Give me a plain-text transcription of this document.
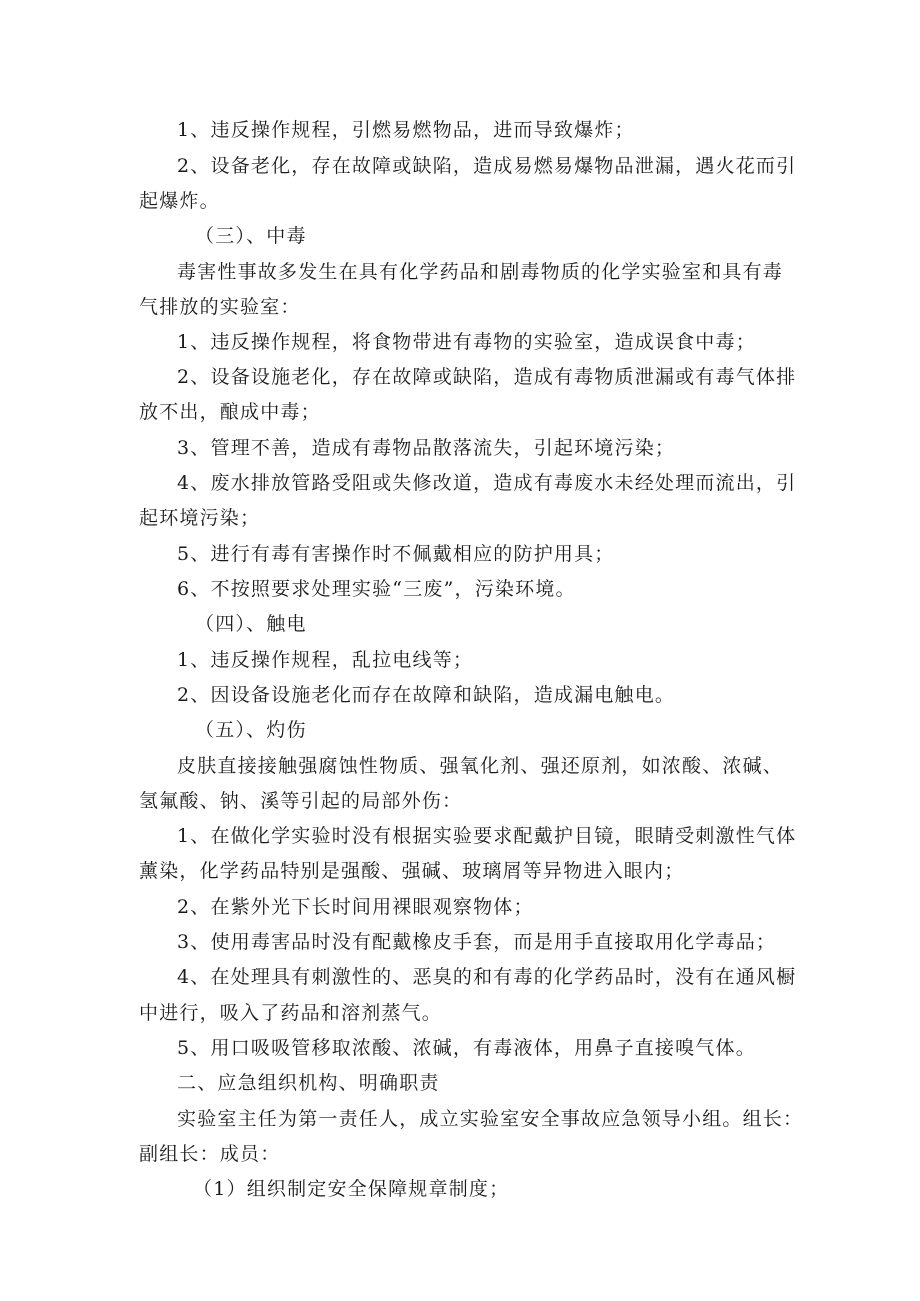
1、违反操作规程，引燃易燃物品，进而导致爆炸；
2、设备老化，存在故障或缺陷，造成易燃易爆物品泄漏，遇火花而引
起爆炸。
（三）、中毒
毒害性事故多发生在具有化学药品和剧毒物质的化学实验室和具有毒
气排放的实验室：
1、违反操作规程，将食物带进有毒物的实验室，造成误食中毒；
2、设备设施老化，存在故障或缺陷，造成有毒物质泄漏或有毒气体排
放不出，酿成中毒；
3、管理不善，造成有毒物品散落流失，引起环境污染；
4、废水排放管路受阻或失修改道，造成有毒废水未经处理而流出，引
起环境污染；
5、进行有毒有害操作时不佩戴相应的防护用具；
6、不按照要求处理实验“三废”，污染环境。
（四）、触电
1、违反操作规程，乱拉电线等；
2、因设备设施老化而存在故障和缺陷，造成漏电触电。
（五）、灼伤
皮肤直接接触强腐蚀性物质、强氧化剂、强还原剂，如浓酸、浓碱、
氢氟酸、钠、溪等引起的局部外伤：
1、在做化学实验时没有根据实验要求配戴护目镜，眼睛受刺激性气体
薰染，化学药品特别是强酸、强碱、玻璃屑等异物进入眼内；
2、在紫外光下长时间用裸眼观察物体；
3、使用毒害品时没有配戴橡皮手套，而是用手直接取用化学毒品；
4、在处理具有刺激性的、恶臭的和有毒的化学药品时，没有在通风橱
中进行，吸入了药品和溶剂蒸气。
5、用口吸吸管移取浓酸、浓碱，有毒液体，用鼻子直接嗅气体。
二、应急组织机构、明确职责
实验室主任为第一责任人，成立实验室安全事故应急领导小组。组长：
副组长：成员：
（1）组织制定安全保障规章制度；
